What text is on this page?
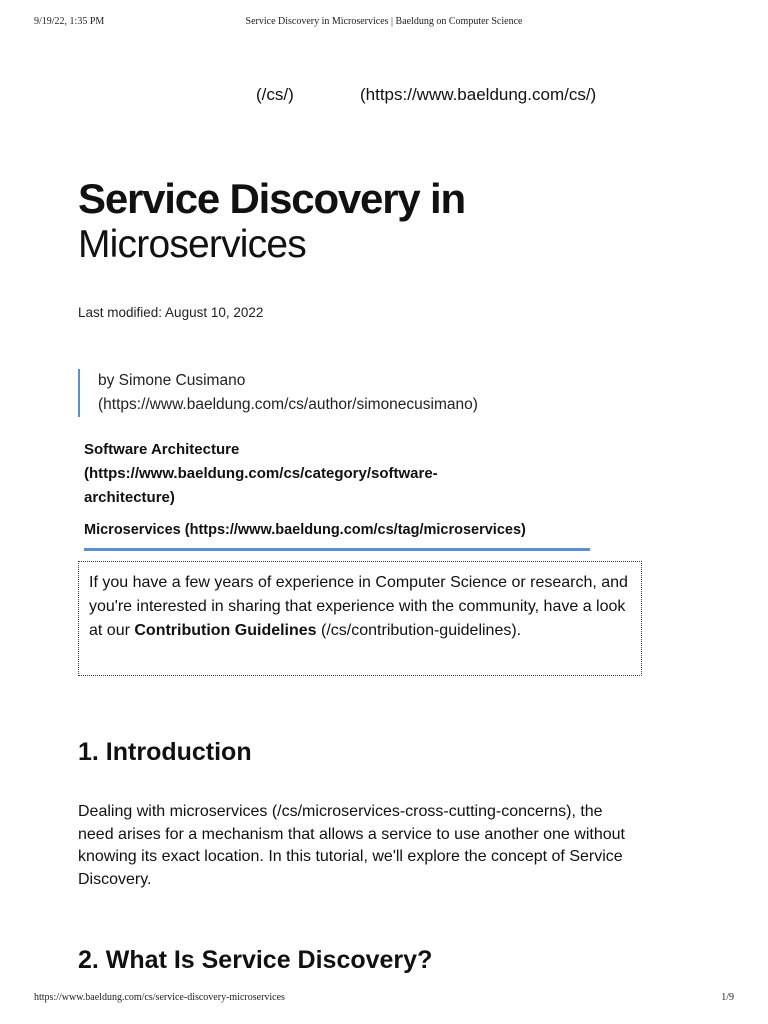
9/19/22, 1:35 PM	Service Discovery in Microservices | Baeldung on Computer Science
(/cs/)	(https://www.baeldung.com/cs/)
Service Discovery in
Microservices
Last modified: August 10, 2022
by Simone Cusimano
(https://www.baeldung.com/cs/author/simonecusimano)
Software Architecture
(https://www.baeldung.com/cs/category/software-
architecture)
Microservices (https://www.baeldung.com/cs/tag/microservices)
If you have a few years of experience in Computer Science or research, and you're interested in sharing that experience with the community, have a look at our Contribution Guidelines (/cs/contribution-guidelines).
1. Introduction
Dealing with microservices (/cs/microservices-cross-cutting-concerns), the need arises for a mechanism that allows a service to use another one without knowing its exact location. In this tutorial, we'll explore the concept of Service Discovery.
2. What Is Service Discovery?
https://www.baeldung.com/cs/service-discovery-microservices	1/9
